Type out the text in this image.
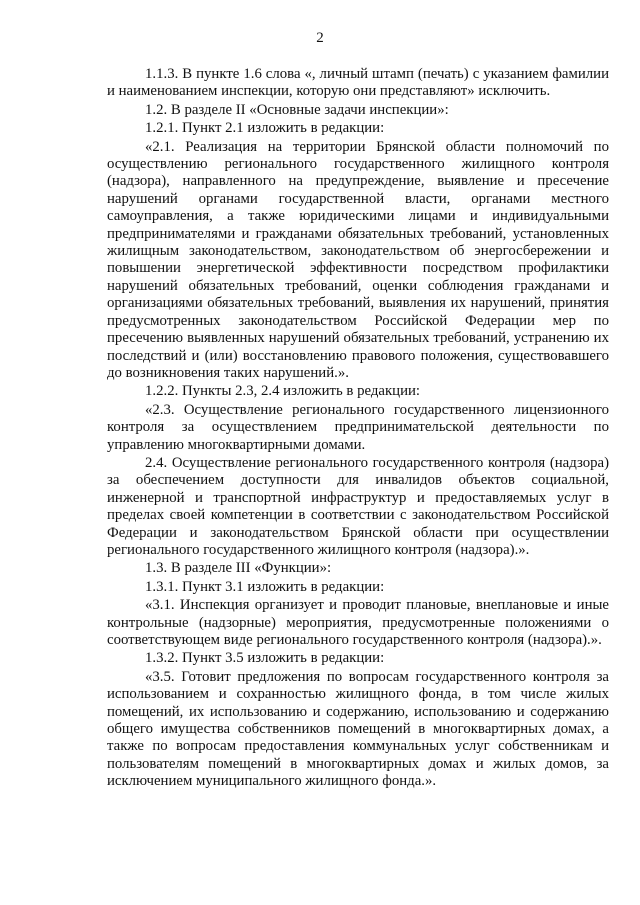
2

1.1.3. В пункте 1.6 слова «, личный штамп (печать) с указанием фамилии и наименованием инспекции, которую они представляют» исключить.

1.2. В разделе II «Основные задачи инспекции»:

1.2.1. Пункт 2.1 изложить в редакции:

«2.1. Реализация на территории Брянской области полномочий по осуществлению регионального государственного жилищного контроля (надзора), направленного на предупреждение, выявление и пресечение нарушений органами государственной власти, органами местного самоуправления, а также юридическими лицами и индивидуальными предпринимателями и гражданами обязательных требований, установленных жилищным законодательством, законодательством об энергосбережении и повышении энергетической эффективности посредством профилактики нарушений обязательных требований, оценки соблюдения гражданами и организациями обязательных требований, выявления их нарушений, принятия предусмотренных законодательством Российской Федерации мер по пресечению выявленных нарушений обязательных требований, устранению их последствий и (или) восстановлению правового положения, существовавшего до возникновения таких нарушений.».

1.2.2. Пункты 2.3, 2.4 изложить в редакции:

«2.3. Осуществление регионального государственного лицензионного контроля за осуществлением предпринимательской деятельности по управлению многоквартирными домами.

2.4. Осуществление регионального государственного контроля (надзора) за обеспечением доступности для инвалидов объектов социальной, инженерной и транспортной инфраструктур и предоставляемых услуг в пределах своей компетенции в соответствии с законодательством Российской Федерации и законодательством Брянской области при осуществлении регионального государственного жилищного контроля (надзора).».

1.3. В разделе III «Функции»:

1.3.1. Пункт 3.1 изложить в редакции:

«3.1. Инспекция организует и проводит плановые, внеплановые и иные контрольные (надзорные) мероприятия, предусмотренные положениями о соответствующем виде регионального государственного контроля (надзора).».

1.3.2. Пункт 3.5 изложить в редакции:

«3.5. Готовит предложения по вопросам государственного контроля за использованием и сохранностью жилищного фонда, в том числе жилых помещений, их использованию и содержанию, использованию и содержанию общего имущества собственников помещений в многоквартирных домах, а также по вопросам предоставления коммунальных услуг собственникам и пользователям помещений в многоквартирных домах и жилых домов, за исключением муниципального жилищного фонда.».
